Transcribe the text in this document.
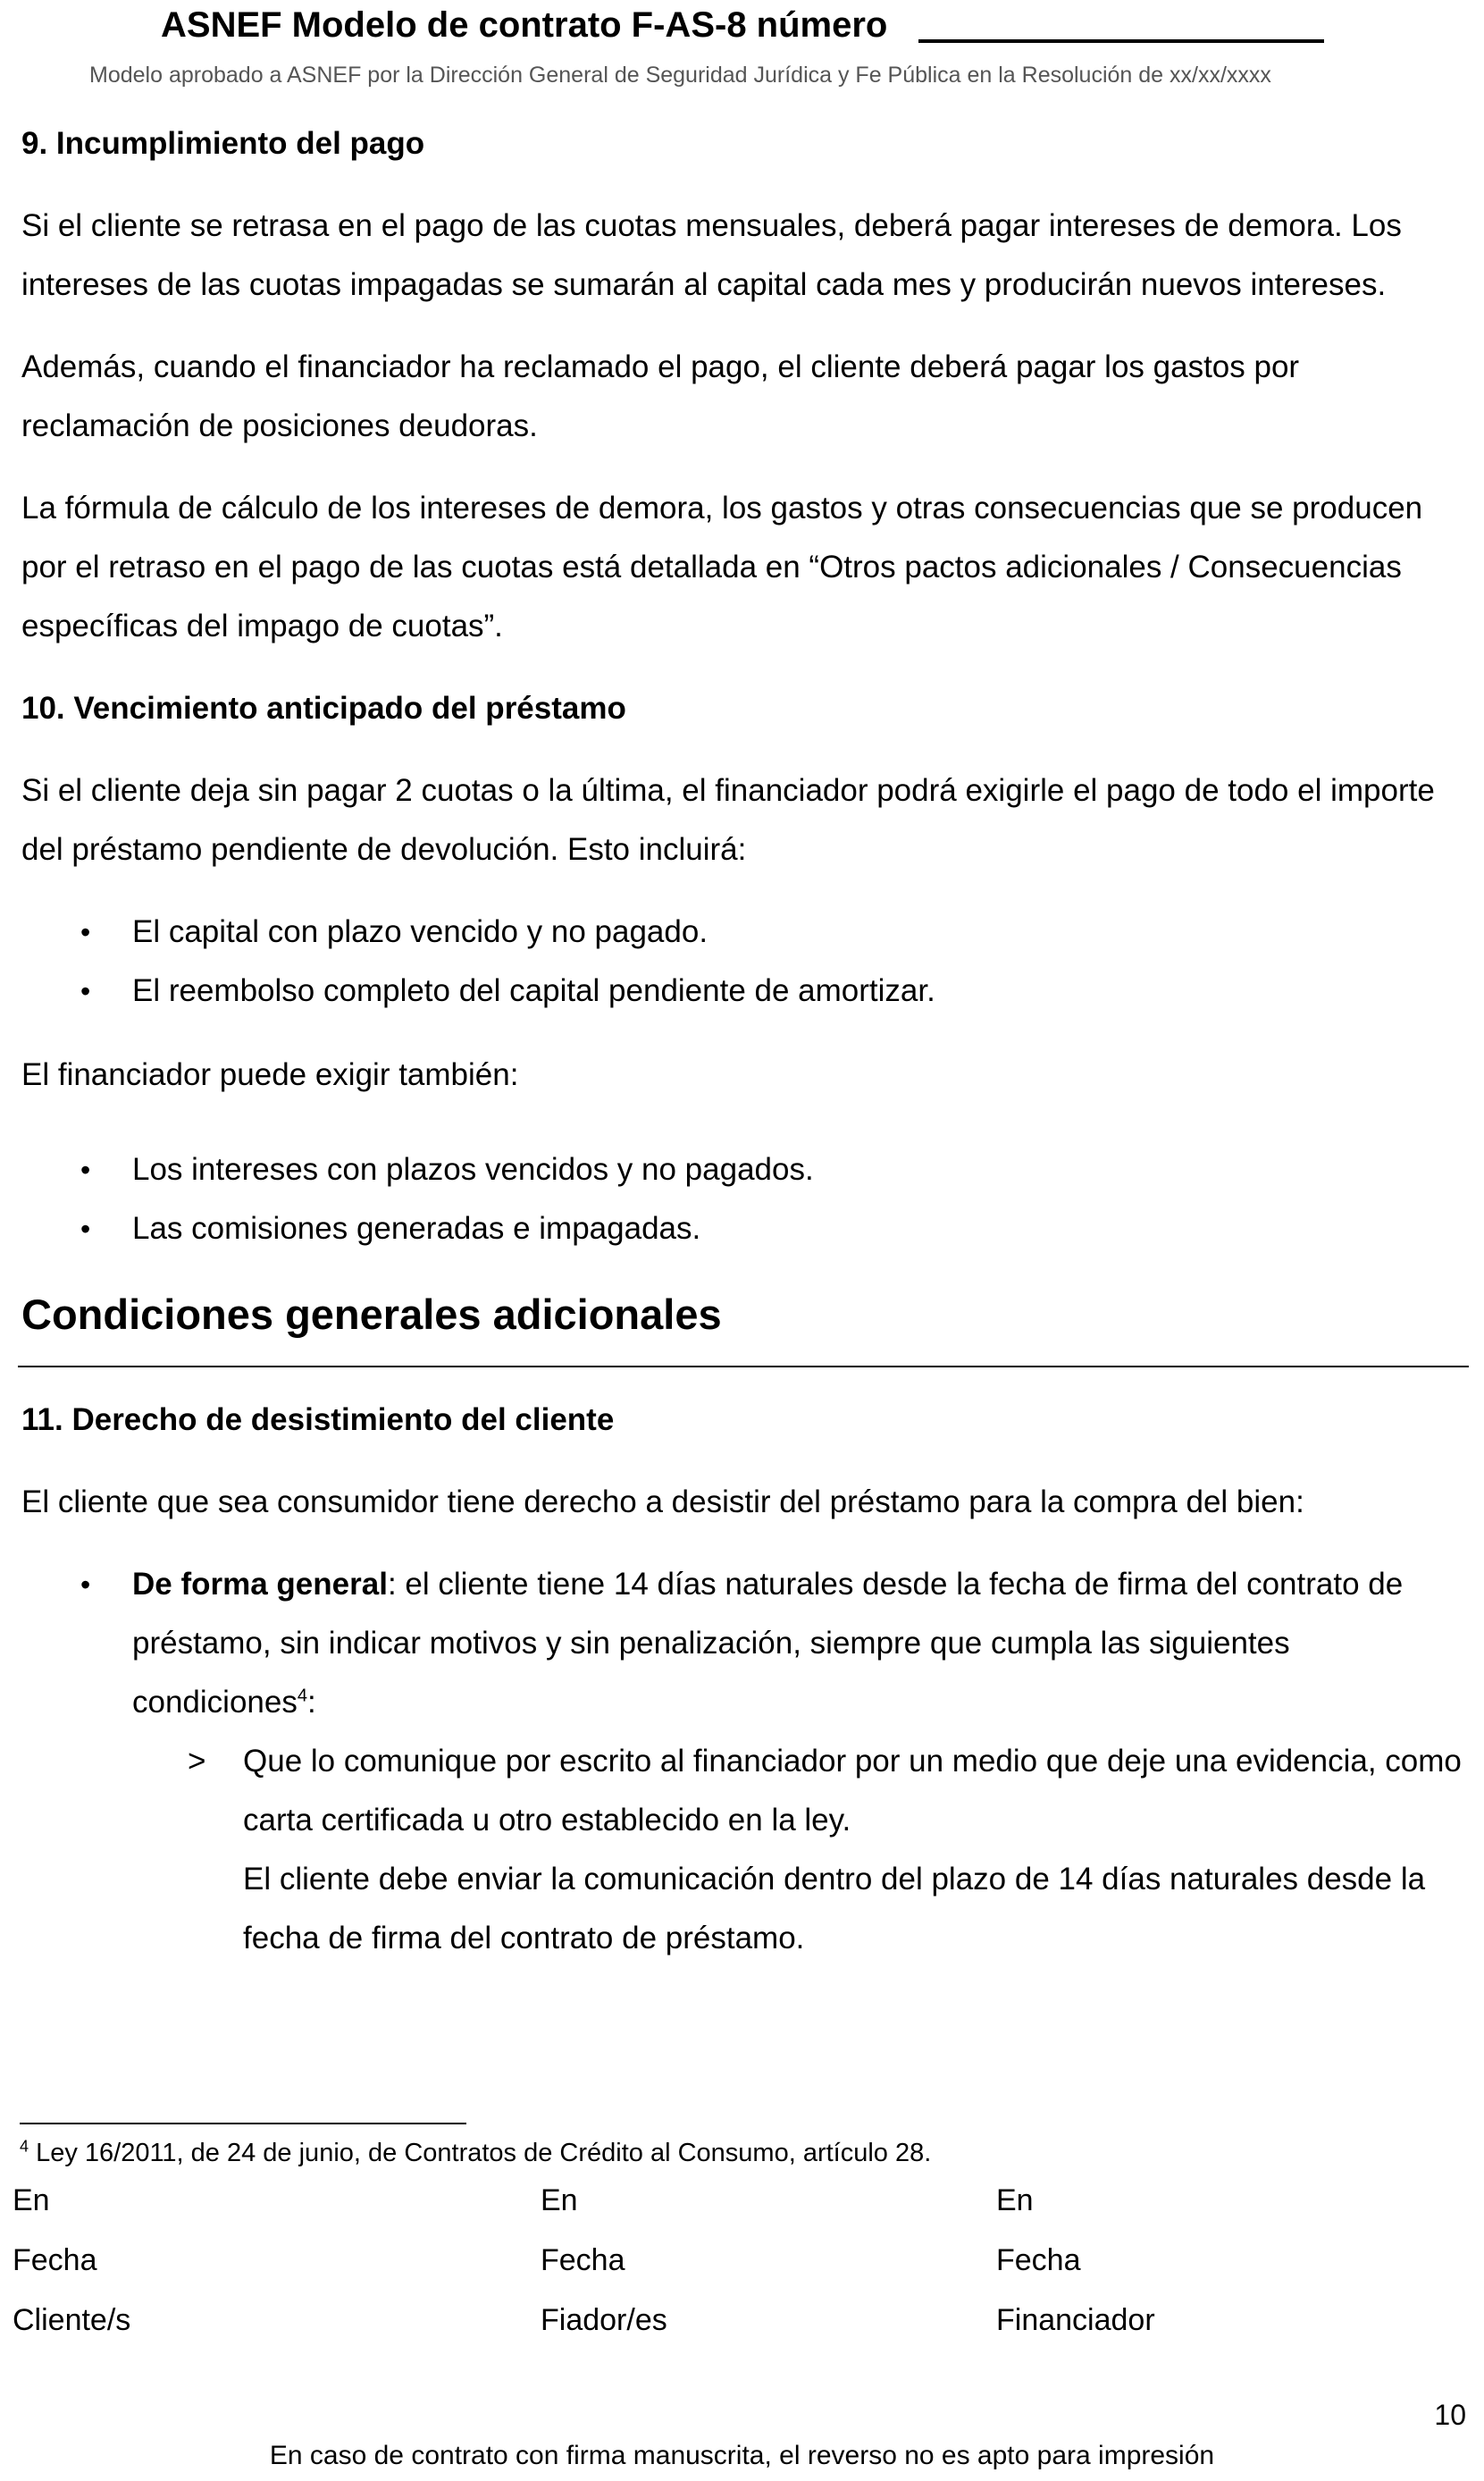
ASNEF Modelo de contrato F-AS-8 número
Modelo aprobado a ASNEF por la Dirección General de Seguridad Jurídica y Fe Pública en la Resolución de xx/xx/xxxx
9. Incumplimiento del pago

Si el cliente se retrasa en el pago de las cuotas mensuales, deberá pagar intereses de demora. Los intereses de las cuotas impagadas se sumarán al capital cada mes y producirán nuevos intereses.

Además, cuando el financiador ha reclamado el pago, el cliente deberá pagar los gastos por reclamación de posiciones deudoras.

La fórmula de cálculo de los intereses de demora, los gastos y otras consecuencias que se producen por el retraso en el pago de las cuotas está detallada en “Otros pactos adicionales / Consecuencias específicas del impago de cuotas”.

10. Vencimiento anticipado del préstamo

Si el cliente deja sin pagar 2 cuotas o la última, el financiador podrá exigirle el pago de todo el importe del préstamo pendiente de devolución. Esto incluirá:

• El capital con plazo vencido y no pagado.
• El reembolso completo del capital pendiente de amortizar.

El financiador puede exigir también:

• Los intereses con plazos vencidos y no pagados.
• Las comisiones generadas e impagadas.
Condiciones generales adicionales
11. Derecho de desistimiento del cliente

El cliente que sea consumidor tiene derecho a desistir del préstamo para la compra del bien:

• De forma general: el cliente tiene 14 días naturales desde la fecha de firma del contrato de préstamo, sin indicar motivos y sin penalización, siempre que cumpla las siguientes condiciones$^4$:
> Que lo comunique por escrito al financiador por un medio que deje una evidencia, como carta certificada u otro establecido en la ley.
El cliente debe enviar la comunicación dentro del plazo de 14 días naturales desde la fecha de firma del contrato de préstamo.
$^4$ Ley 16/2011, de 24 de junio, de Contratos de Crédito al Consumo, artículo 28.
En
Fecha
Cliente/s
En
Fecha
Fiador/es
En
Fecha
Financiador
10
En caso de contrato con firma manuscrita, el reverso no es apto para impresión
